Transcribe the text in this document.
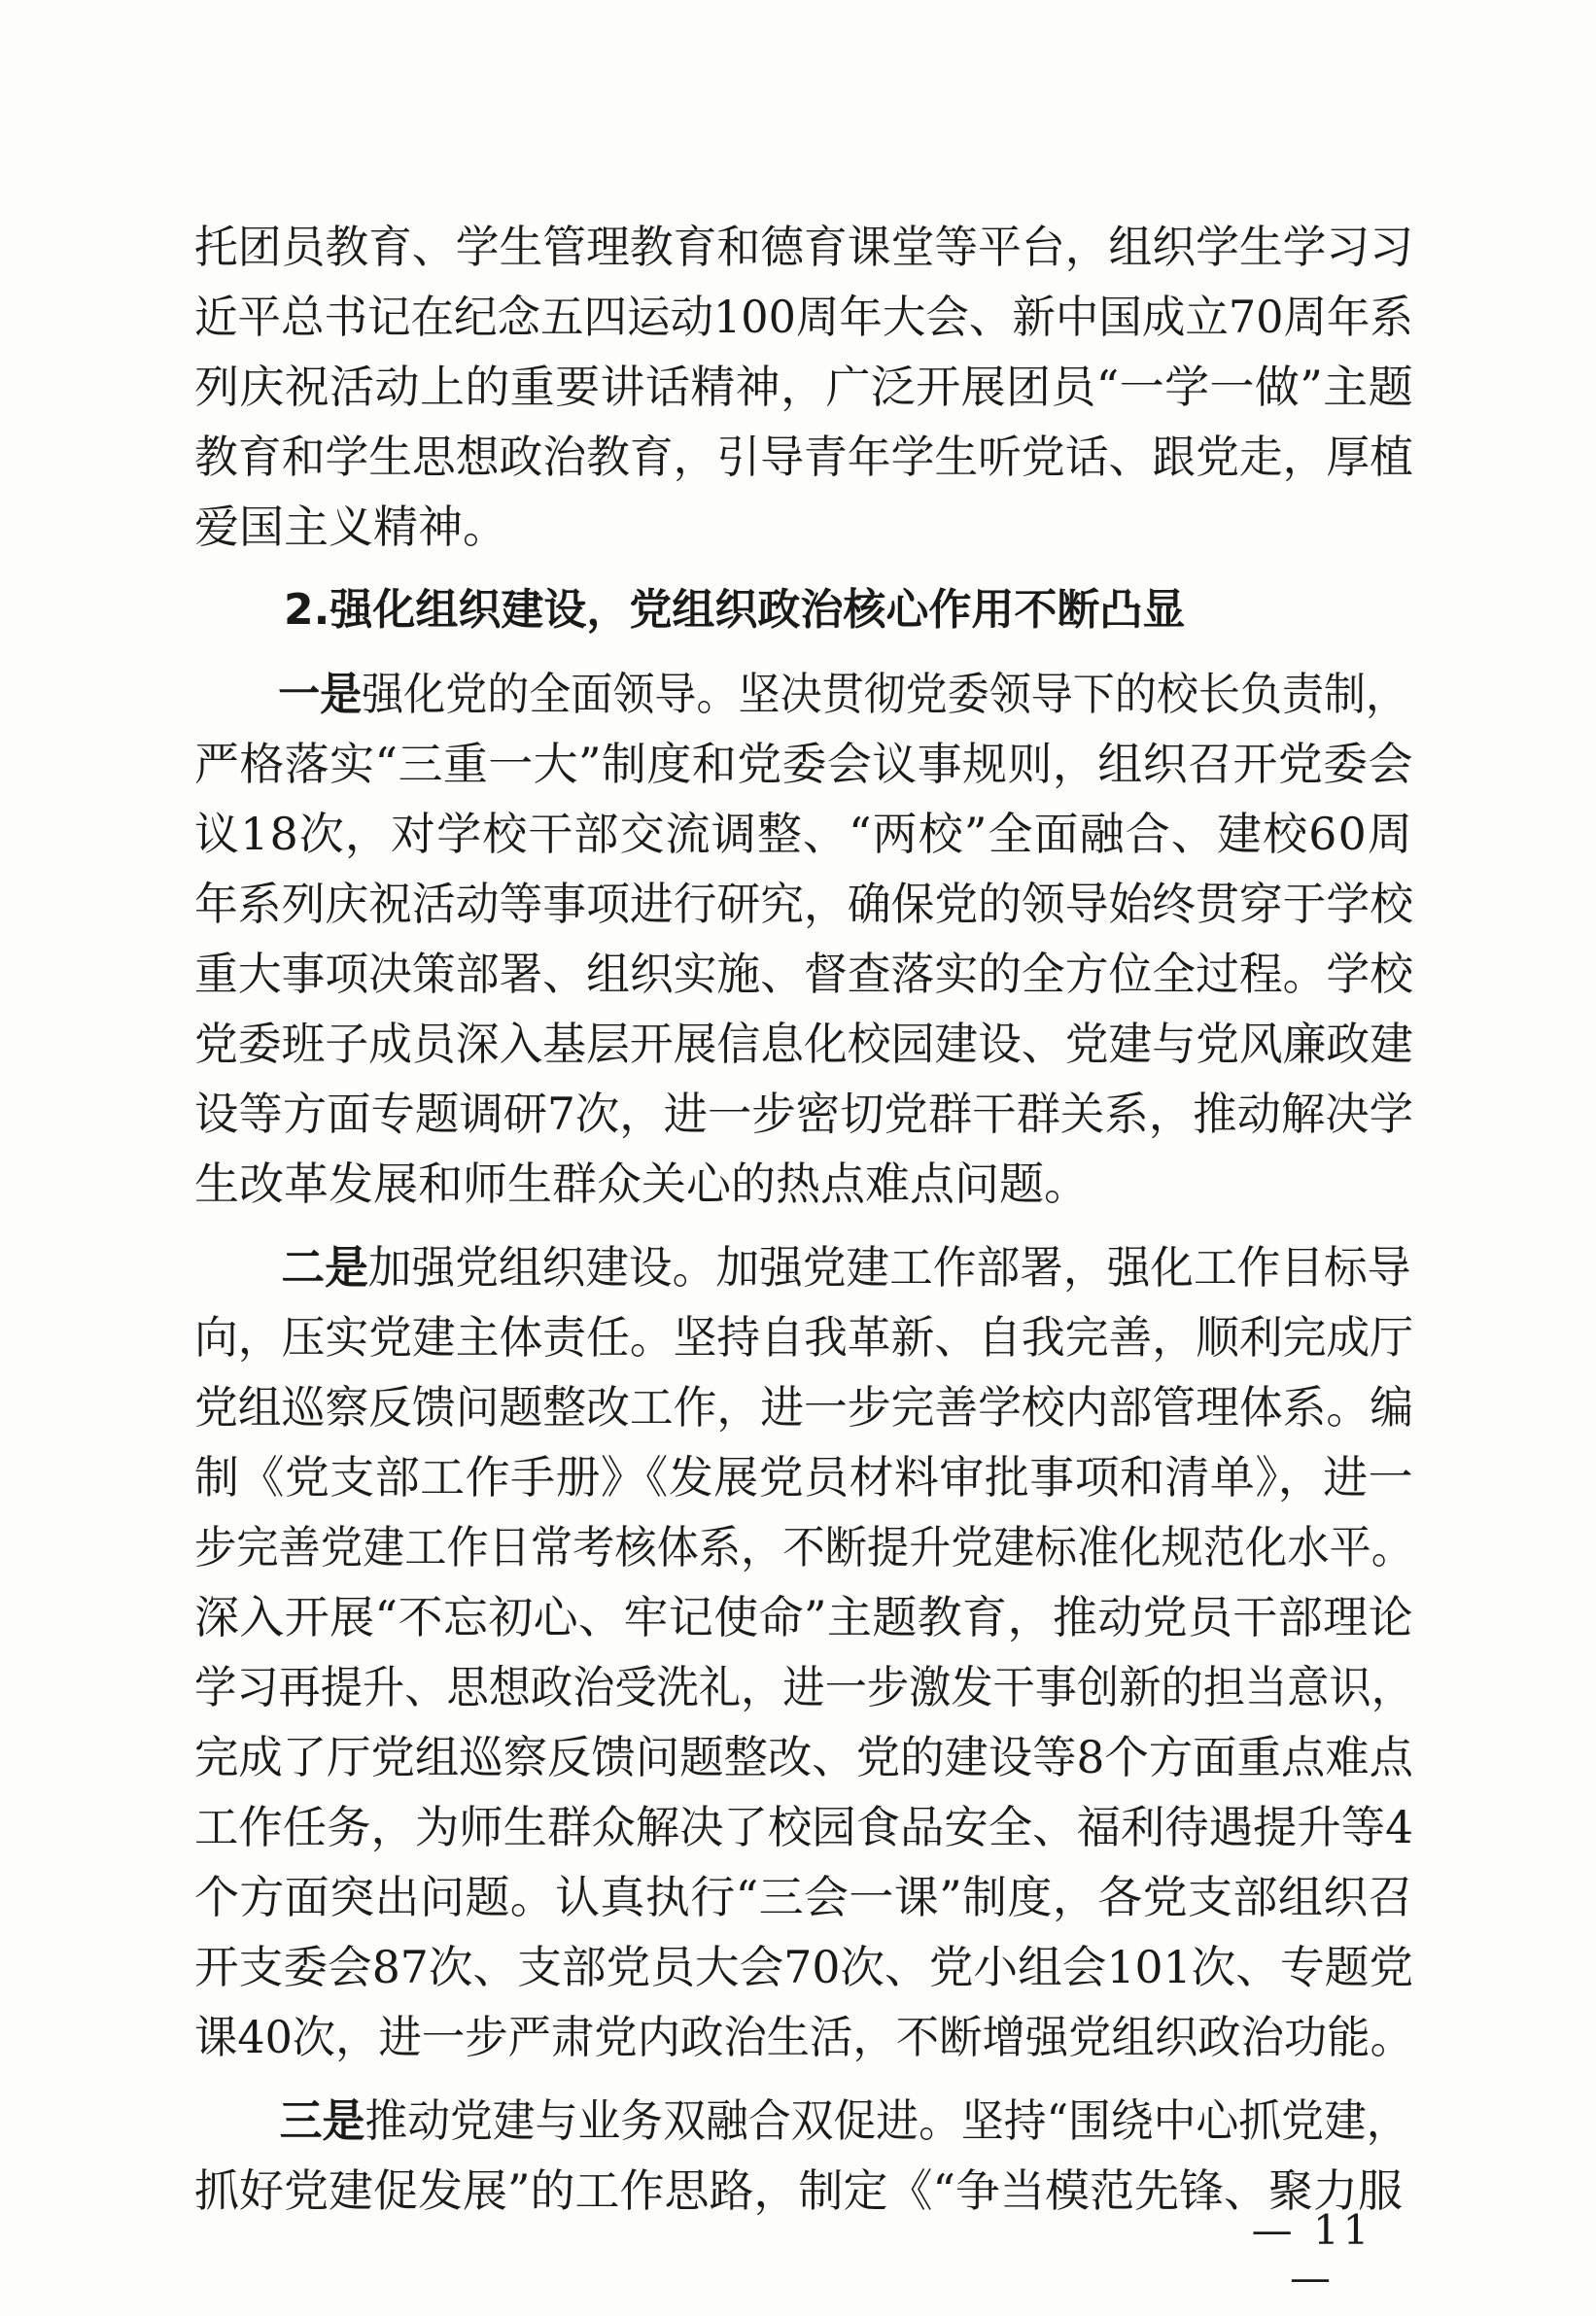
托团员教育、学生管理教育和德育课堂等平台，组织学生学习习
近平总书记在纪念五四运动100周年大会、新中国成立70周年系
列庆祝活动上的重要讲话精神，广泛开展团员“一学一做”主题
教育和学生思想政治教育，引导青年学生听党话、跟党走，厚植
爱国主义精神。
2.强化组织建设，党组织政治核心作用不断凸显
一是强化党的全面领导。坚决贯彻党委领导下的校长负责制，
严格落实“三重一大”制度和党委会议事规则，组织召开党委会
议18次，对学校干部交流调整、“两校”全面融合、建校60周
年系列庆祝活动等事项进行研究，确保党的领导始终贯穿于学校
重大事项决策部署、组织实施、督查落实的全方位全过程。学校
党委班子成员深入基层开展信息化校园建设、党建与党风廉政建
设等方面专题调研7次，进一步密切党群干群关系，推动解决学
生改革发展和师生群众关心的热点难点问题。
二是加强党组织建设。加强党建工作部署，强化工作目标导
向，压实党建主体责任。坚持自我革新、自我完善，顺利完成厅
党组巡察反馈问题整改工作，进一步完善学校内部管理体系。编
制《党支部工作手册》《发展党员材料审批事项和清单》，进一
步完善党建工作日常考核体系，不断提升党建标准化规范化水平。
深入开展“不忘初心、牢记使命”主题教育，推动党员干部理论
学习再提升、思想政治受洗礼，进一步激发干事创新的担当意识，
完成了厅党组巡察反馈问题整改、党的建设等8个方面重点难点
工作任务，为师生群众解决了校园食品安全、福利待遇提升等4
个方面突出问题。认真执行“三会一课”制度，各党支部组织召
开支委会87次、支部党员大会70次、党小组会101次、专题党
课40次，进一步严肃党内政治生活，不断增强党组织政治功能。
三是推动党建与业务双融合双促进。坚持“围绕中心抓党建，
抓好党建促发展”的工作思路，制定《“争当模范先锋、聚力服
— 11 —
